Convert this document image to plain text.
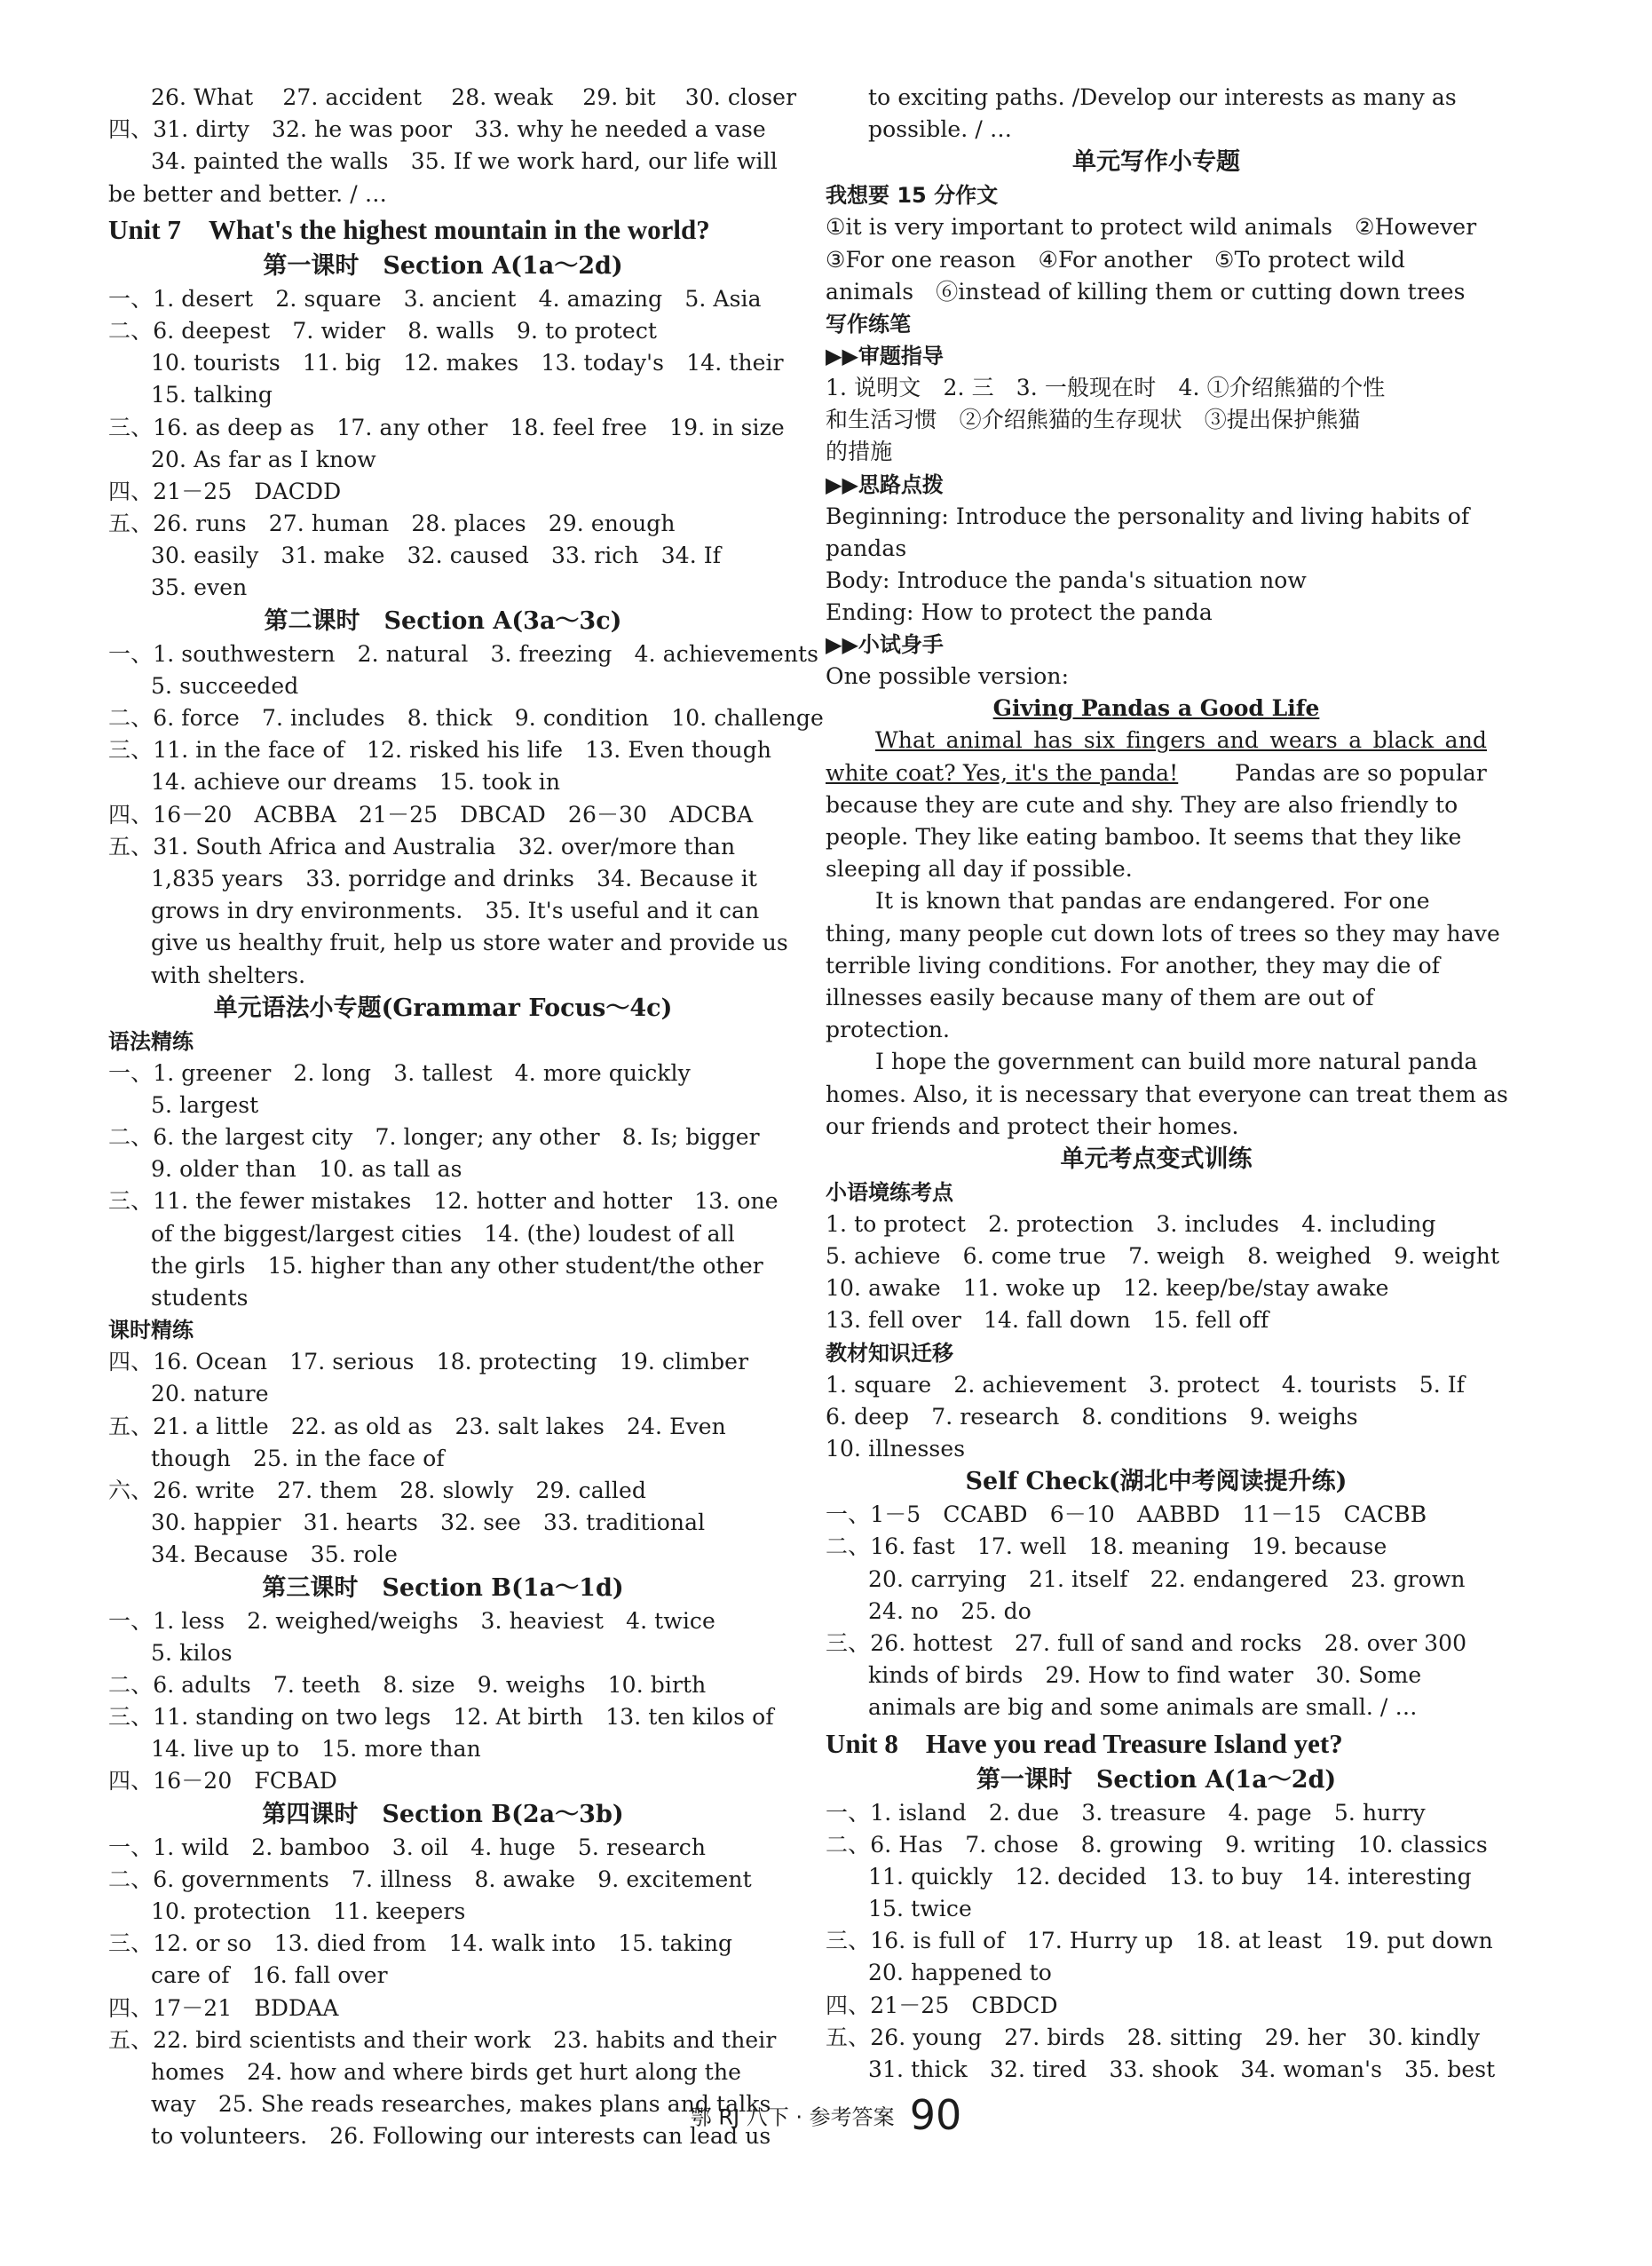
26. What　 27. accident　 28. weak　 29. bit　 30. closer
四、31. dirty　32. he was poor　33. why he needed a vase
34. painted the walls　35. If we work hard, our life will
be better and better. / …
Unit 7　What's the highest mountain in the world?
第一课时　Section A(1a～2d)
一、1. desert　2. square　3. ancient　4. amazing　5. Asia
二、6. deepest　7. wider　8. walls　9. to protect
10. tourists　11. big　12. makes　13. today's　14. their
15. talking
三、16. as deep as　17. any other　18. feel free　19. in size
20. As far as I know
四、21－25　DACDD
五、26. runs　27. human　28. places　29. enough
30. easily　31. make　32. caused　33. rich　34. If
35. even
第二课时　Section A(3a～3c)
一、1. southwestern　2. natural　3. freezing　4. achievements
5. succeeded
二、6. force　7. includes　8. thick　9. condition　10. challenge
三、11. in the face of　12. risked his life　13. Even though
14. achieve our dreams　15. took in
四、16－20　ACBBA　21－25　DBCAD　26－30　ADCBA
五、31. South Africa and Australia　32. over/more than
1,835 years　33. porridge and drinks　34. Because it
grows in dry environments.　35. It's useful and it can
give us healthy fruit, help us store water and provide us
with shelters.
单元语法小专题(Grammar Focus～4c)
语法精练
一、1. greener　2. long　3. tallest　4. more quickly
5. largest
二、6. the largest city　7. longer; any other　8. Is; bigger
9. older than　10. as tall as
三、11. the fewer mistakes　12. hotter and hotter　13. one
of the biggest/largest cities　14. (the) loudest of all
the girls　15. higher than any other student/the other
students
课时精练
四、16. Ocean　17. serious　18. protecting　19. climber
20. nature
五、21. a little　22. as old as　23. salt lakes　24. Even
though　25. in the face of
六、26. write　27. them　28. slowly　29. called
30. happier　31. hearts　32. see　33. traditional
34. Because　35. role
第三课时　Section B(1a～1d)
一、1. less　2. weighed/weighs　3. heaviest　4. twice
5. kilos
二、6. adults　7. teeth　8. size　9. weighs　10. birth
三、11. standing on two legs　12. At birth　13. ten kilos of
14. live up to　15. more than
四、16－20　FCBAD
第四课时　Section B(2a～3b)
一、1. wild　2. bamboo　3. oil　4. huge　5. research
二、6. governments　7. illness　8. awake　9. excitement
10. protection　11. keepers
三、12. or so　13. died from　14. walk into　15. taking
care of　16. fall over
四、17－21　BDDAA
五、22. bird scientists and their work　23. habits and their
homes　24. how and where birds get hurt along the
way　25. She reads researches, makes plans and talks
to volunteers.　26. Following our interests can lead us
to exciting paths. /Develop our interests as many as
possible. / …
单元写作小专题
我想要 15 分作文
①it is very important to protect wild animals　②However
③For one reason　④For another　⑤To protect wild
animals　⑥instead of killing them or cutting down trees
写作练笔
▶▶审题指导
1. 说明文　2. 三　3. 一般现在时　4. ①介绍熊猫的个性
和生活习惯　②介绍熊猫的生存现状　③提出保护熊猫
的措施
▶▶思路点拨
Beginning: Introduce the personality and living habits of
pandas
Body: Introduce the panda's situation now
Ending: How to protect the panda
▶▶小试身手
One possible version:
Giving Pandas a Good Life
What animal has six fingers and wears a black and
white coat? Yes, it's the panda!	Pandas are so popular
because they are cute and shy. They are also friendly to
people. They like eating bamboo. It seems that they like
sleeping all day if possible.
It is known that pandas are endangered. For one
thing, many people cut down lots of trees so they may have
terrible living conditions. For another, they may die of
illnesses easily because many of them are out of
protection.
I hope the government can build more natural panda
homes. Also, it is necessary that everyone can treat them as
our friends and protect their homes.
单元考点变式训练
小语境练考点
1. to protect　2. protection　3. includes　4. including
5. achieve　6. come true　7. weigh　8. weighed　9. weight
10. awake　11. woke up　12. keep/be/stay awake
13. fell over　14. fall down　15. fell off
教材知识迁移
1. square　2. achievement　3. protect　4. tourists　5. If
6. deep　7. research　8. conditions　9. weighs
10. illnesses
Self Check(湖北中考阅读提升练)
一、1－5　CCABD　6－10　AABBD　11－15　CACBB
二、16. fast　17. well　18. meaning　19. because
20. carrying　21. itself　22. endangered　23. grown
24. no　25. do
三、26. hottest　27. full of sand and rocks　28. over 300
kinds of birds　29. How to find water　30. Some
animals are big and some animals are small. / …
Unit 8　Have you read Treasure Island yet?
第一课时　Section A(1a～2d)
一、1. island　2. due　3. treasure　4. page　5. hurry
二、6. Has　7. chose　8. growing　9. writing　10. classics
11. quickly　12. decided　13. to buy　14. interesting
15. twice
三、16. is full of　17. Hurry up　18. at least　19. put down
20. happened to
四、21－25　CBDCD
五、26. young　27. birds　28. sitting　29. her　30. kindly
31. thick　32. tired　33. shook　34. woman's　35. best
鄂 RJ 八下 · 参考答案 90
